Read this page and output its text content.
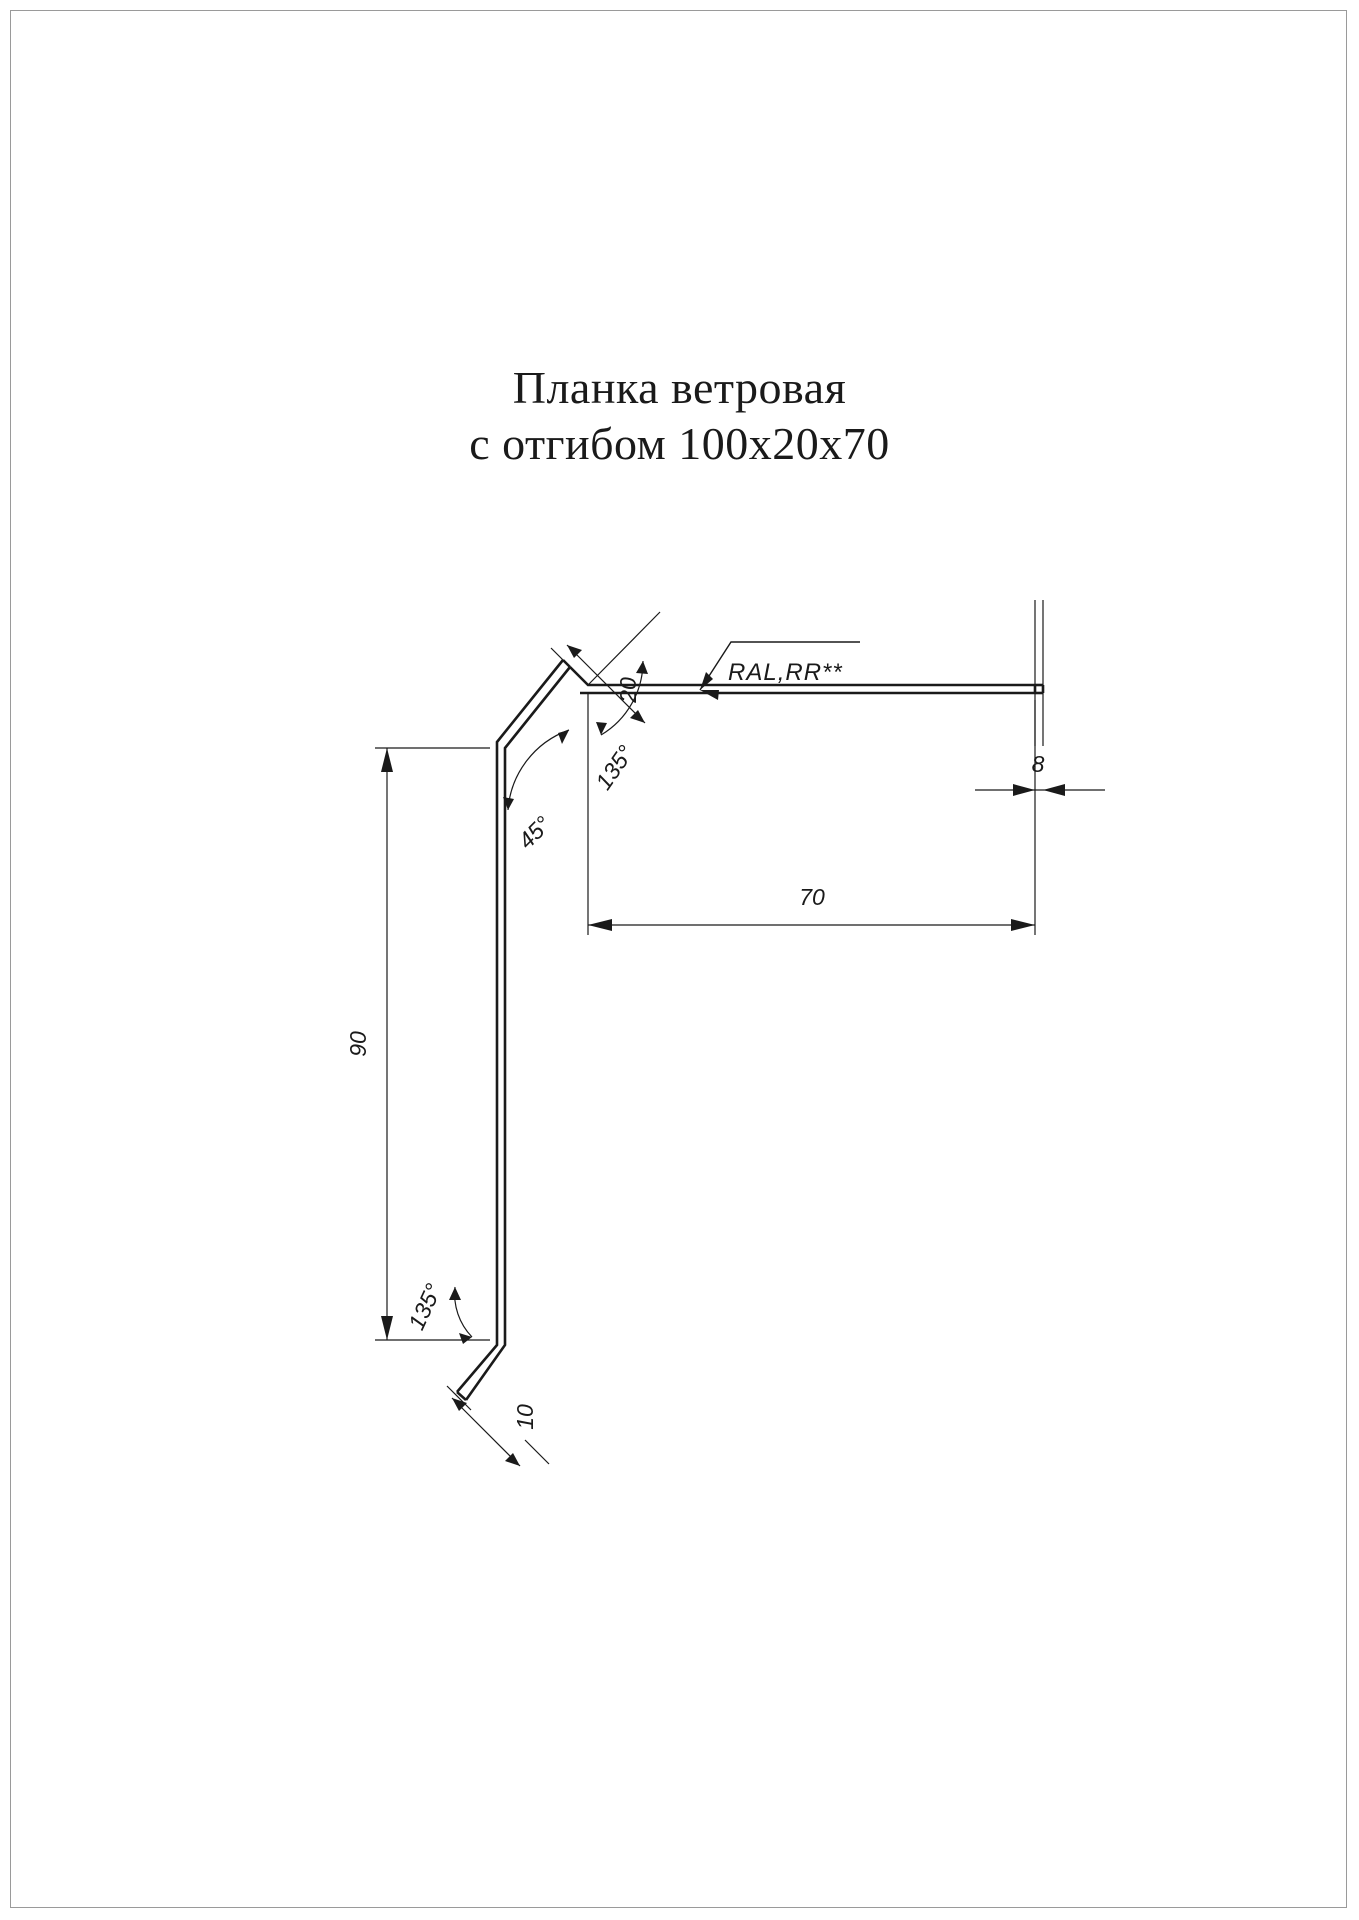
Планка ветровая
с отгибом 100x20x70
20
135°
45°
RAL,RR**
8
70
90
135°
10
